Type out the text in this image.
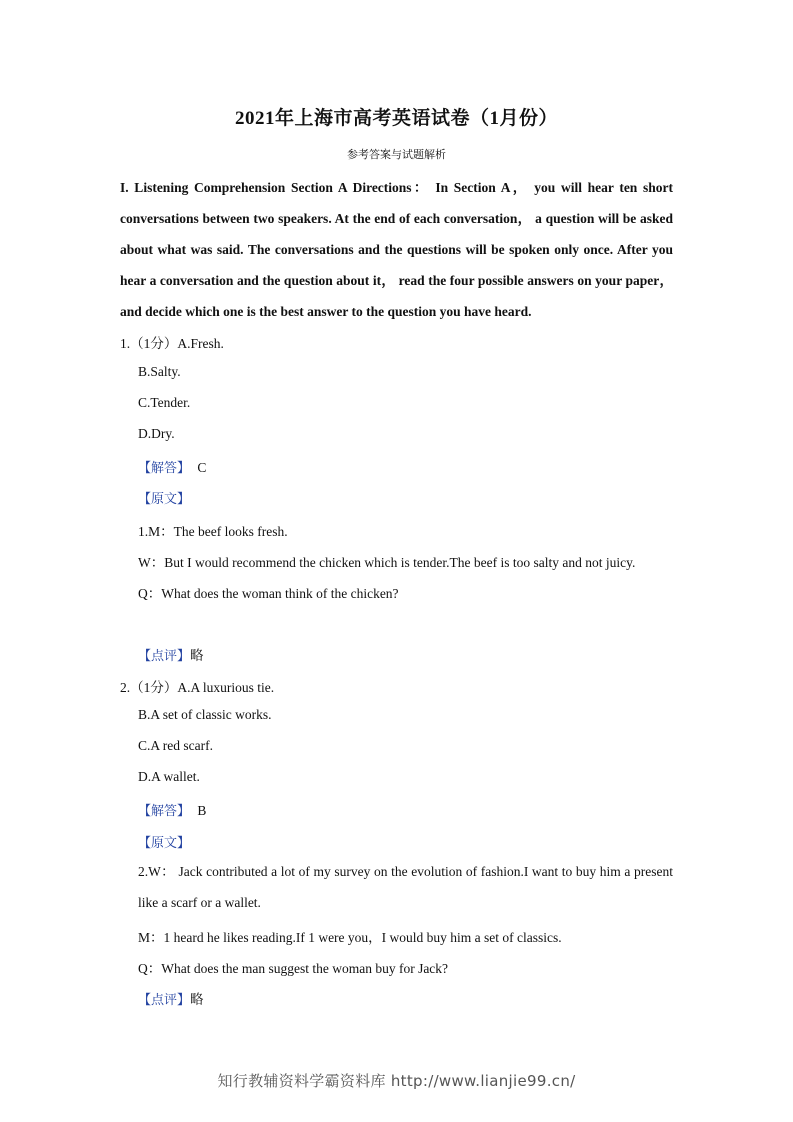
2021年上海市高考英语试卷（1月份）
参考答案与试题解析
I. Listening Comprehension Section A Directions： In Section A， you will hear ten short conversations between two speakers. At the end of each conversation， a question will be asked about what was said. The conversations and the questions will be spoken only once. After you hear a conversation and the question about it， read the four possible answers on your paper， and decide which one is the best answer to the question you have heard.
1.（1分）A.Fresh.
B.Salty.
C.Tender.
D.Dry.
【解答】 C
【原文】
1.M：The beef looks fresh.
W：But I would recommend the chicken which is tender.The beef is too salty and not juicy.
Q：What does the woman think of the chicken?
【点评】略
2.（1分）A.A luxurious tie.
B.A set of classic works.
C.A red scarf.
D.A wallet.
【解答】 B
【原文】
2.W： Jack contributed a lot of my survey on the evolution of fashion.I want to buy him a present like a scarf or a wallet.
M：1 heard he likes reading.If 1 were you，I would buy him a set of classics.
Q：What does the man suggest the woman buy for Jack?
【点评】略
知行教辅资料学霸资料库 http://www.lianjie99.cn/
